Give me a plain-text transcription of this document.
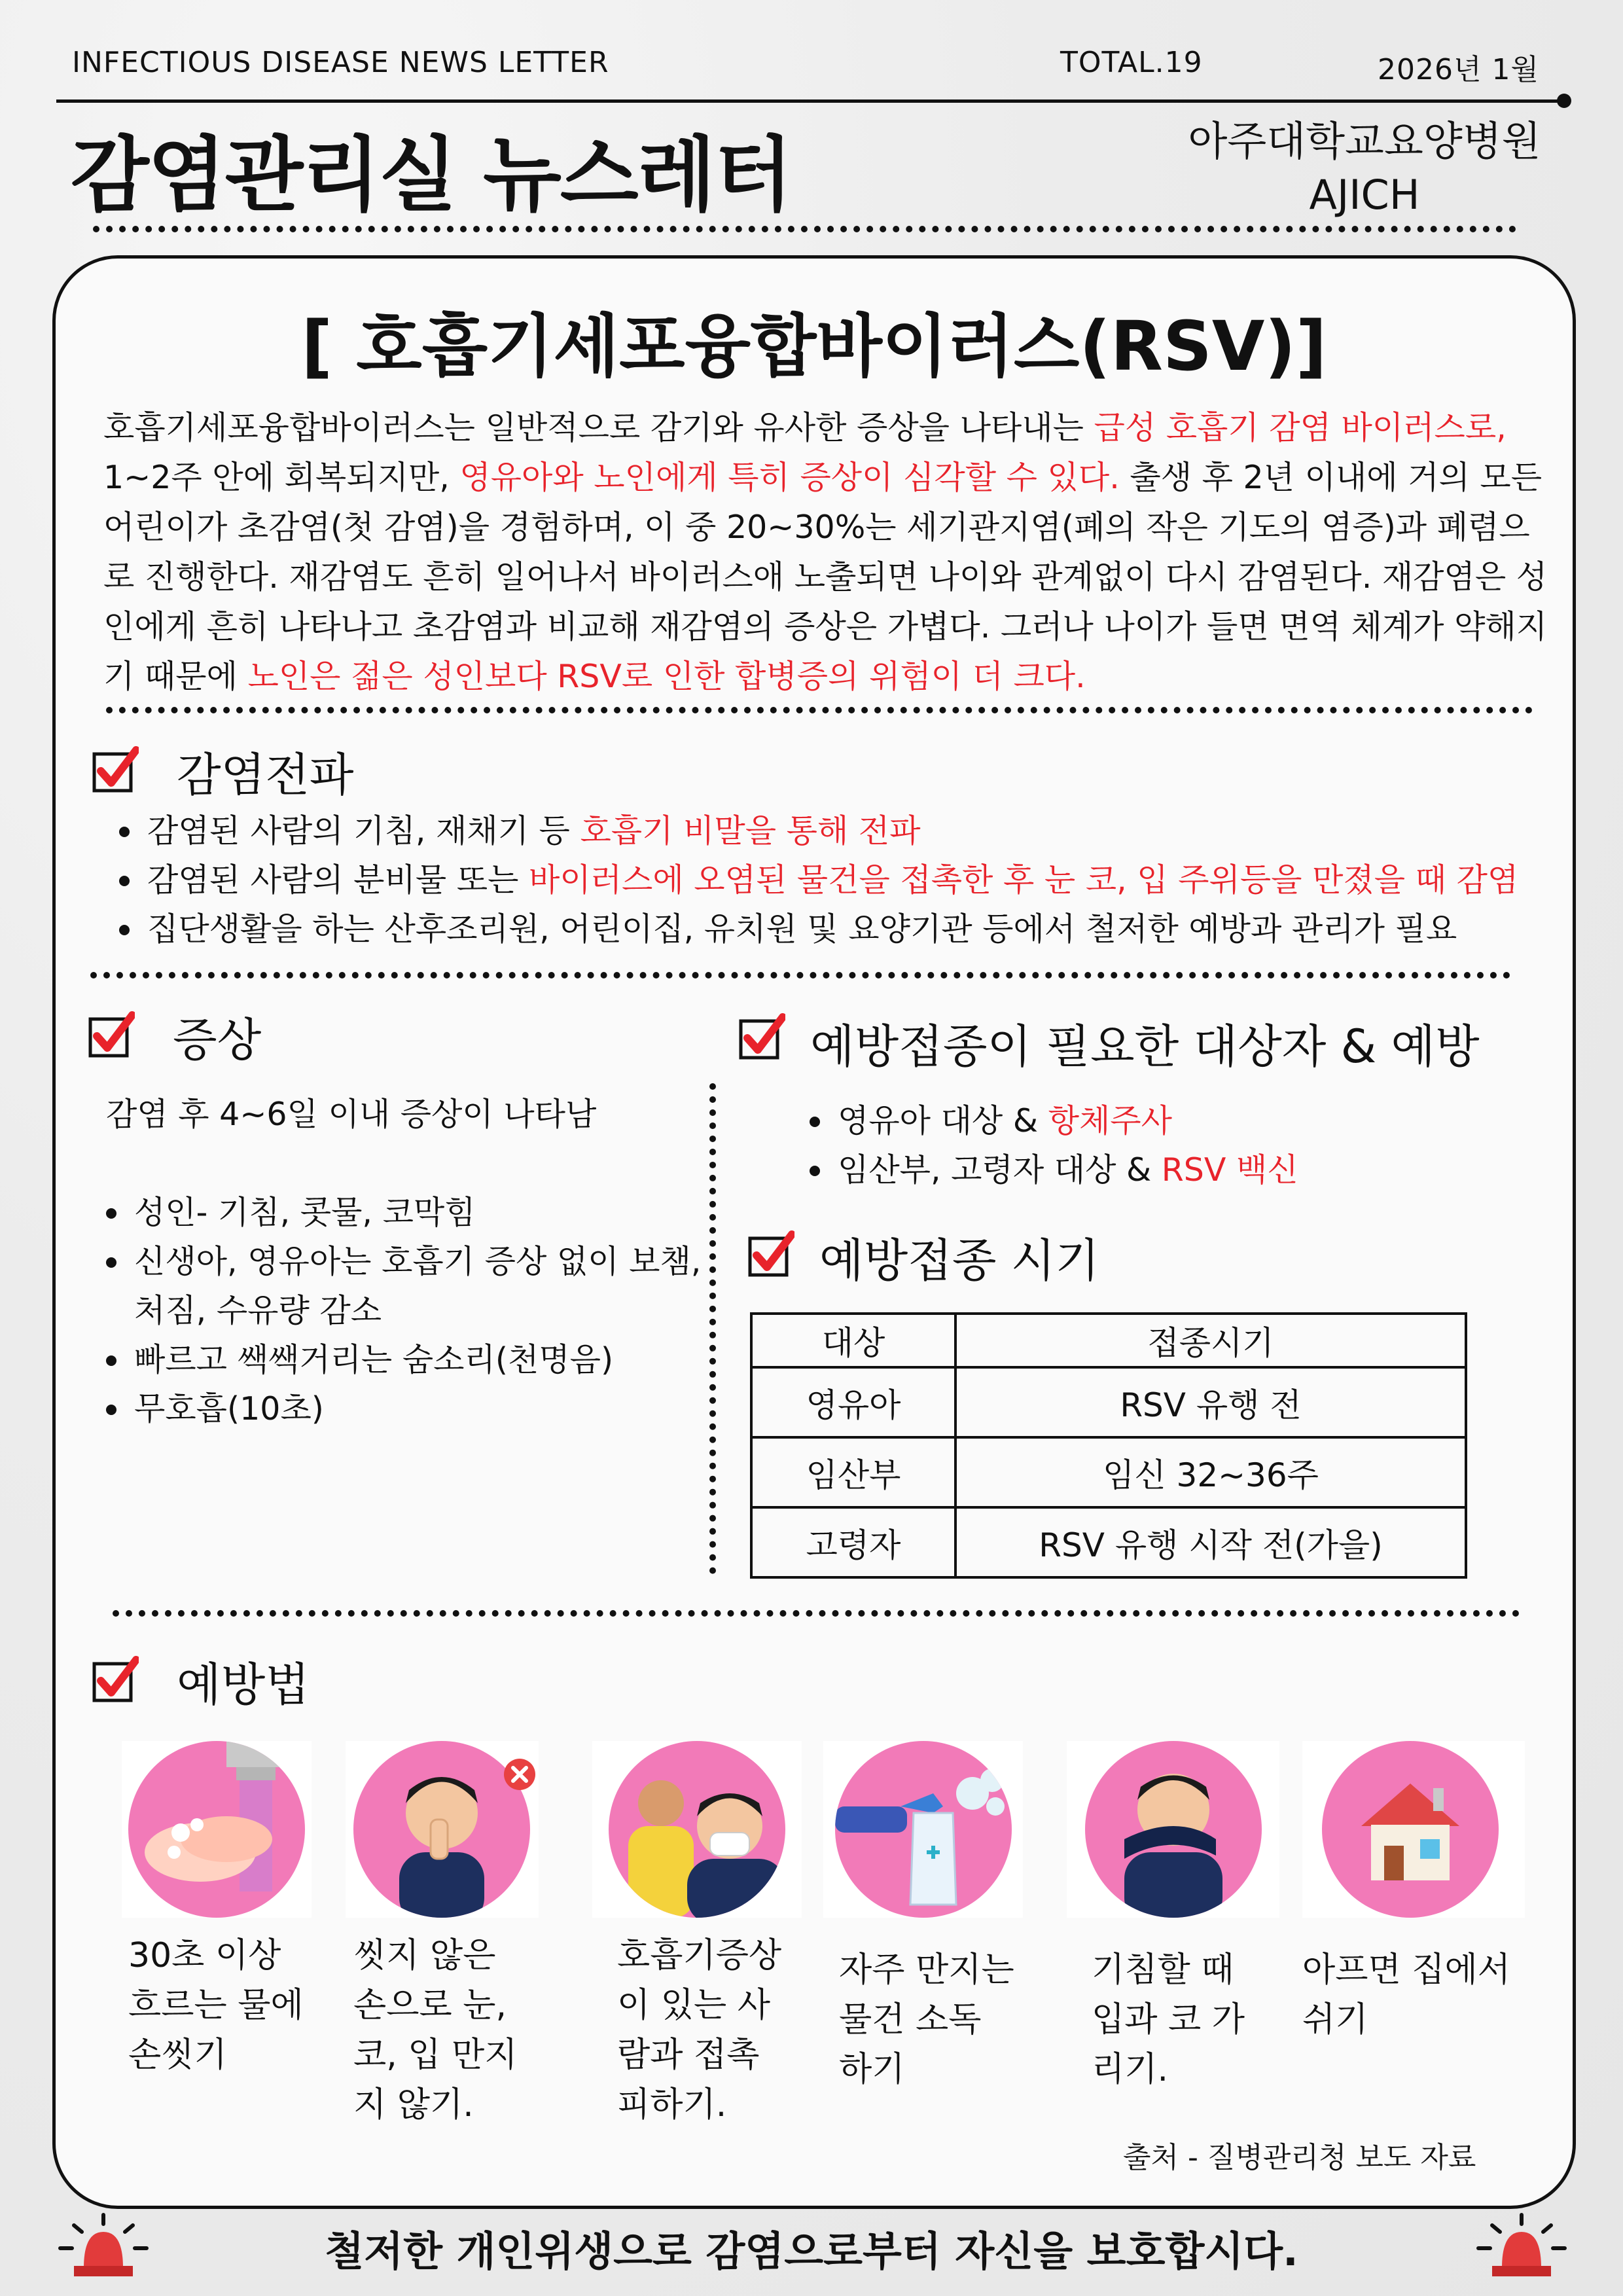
INFECTIOUS DISEASE NEWS LETTER	TOTAL.19	2026년 1월
감염관리실 뉴스레터	아주대학교요양병원
AJICH
[ 호흡기세포융합바이러스(RSV)]
호흡기세포융합바이러스는 일반적으로 감기와 유사한 증상을 나타내는 급성 호흡기 감염 바이러스로, 1~2주 안에 회복되지만, 영유아와 노인에게 특히 증상이 심각할 수 있다. 출생 후 2년 이내에 거의 모든 어린이가 초감염(첫 감염)을 경험하며, 이 중 20~30%는 세기관지염(폐의 작은 기도의 염증)과 폐렴으로 진행한다. 재감염도 흔히 일어나서 바이러스애 노출되면 나이와 관계없이 다시 감염된다. 재감염은 성인에게 흔히 나타나고 초감염과 비교해 재감염의 증상은 가볍다. 그러나 나이가 들면 면역 체계가 약해지기 때문에 노인은 젊은 성인보다 RSV로 인한 합병증의 위험이 더 크다.
감염전파
감염된 사람의 기침, 재채기 등 호흡기 비말을 통해 전파
감염된 사람의 분비물 또는 바이러스에 오염된 물건을 접촉한 후 눈 코, 입 주위등을 만졌을 때 감염
집단생활을 하는 산후조리원, 어린이집, 유치원 및 요양기관 등에서 철저한 예방과 관리가 필요
증상
감염 후 4~6일 이내 증상이 나타남
성인- 기침, 콧물, 코막힘
신생아, 영유아는 호흡기 증상 없이 보챔, 처짐, 수유량 감소
빠르고 쌕쌕거리는 숨소리(천명음)
무호흡(10초)
예방접종이 필요한 대상자 & 예방
영유아 대상 & 항체주사
임산부, 고령자 대상 & RSV 백신
예방접종 시기
대상	접종시기
영유아	RSV 유행 전
임산부	임신 32~36주
고령자	RSV 유행 시작 전(가을)
예방법
30초 이상
흐르는 물에
손씻기
씻지 않은
손으로 눈,
코, 입 만지
지 않기.
호흡기증상
이 있는 사
람과 접촉
피하기.
자주 만지는
물건 소독
하기
기침할 때
입과 코 가
리기.
아프면 집에서
쉬기
출처 - 질병관리청 보도 자료
철저한 개인위생으로 감염으로부터 자신을 보호합시다.
